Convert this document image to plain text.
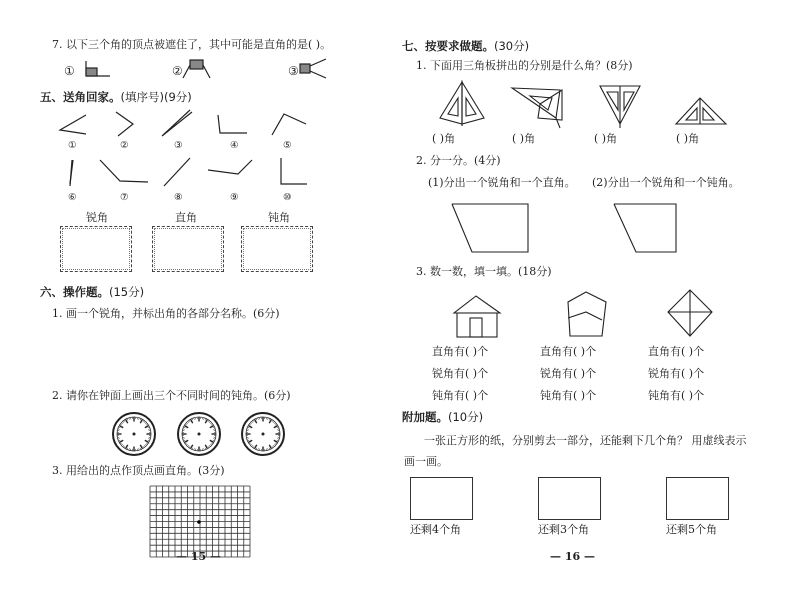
7. 以下三个角的顶点被遮住了，其中可能是直角的是( )。
①	②	③
五、送角回家。(填序号)(9分)
①	②	③	④	⑤
⑥	⑦	⑧	⑨	⑩
锐角	直角	钝角
六、操作题。(15分)
1. 画一个锐角，并标出角的各部分名称。(6分)
2. 请你在钟面上画出三个不同时间的钝角。(6分)
3. 用给出的点作顶点画直角。(3分)
— 15 —
七、按要求做题。(30分)
1. 下面用三角板拼出的分别是什么角？(8分)
( )角	( )角	( )角	( )角
2. 分一分。(4分)
(1)分出一个锐角和一个直角。 (2)分出一个锐角和一个钝角。
3. 数一数，填一填。(18分)
直角有( )个	直角有( )个	直角有( )个
锐角有( )个	锐角有( )个	锐角有( )个
钝角有( )个	钝角有( )个	钝角有( )个
附加题。(10分)
一张正方形的纸，分别剪去一部分，还能剩下几个角？ 用虚线表示
画一画。
还剩4个角	还剩3个角	还剩5个角
— 16 —
